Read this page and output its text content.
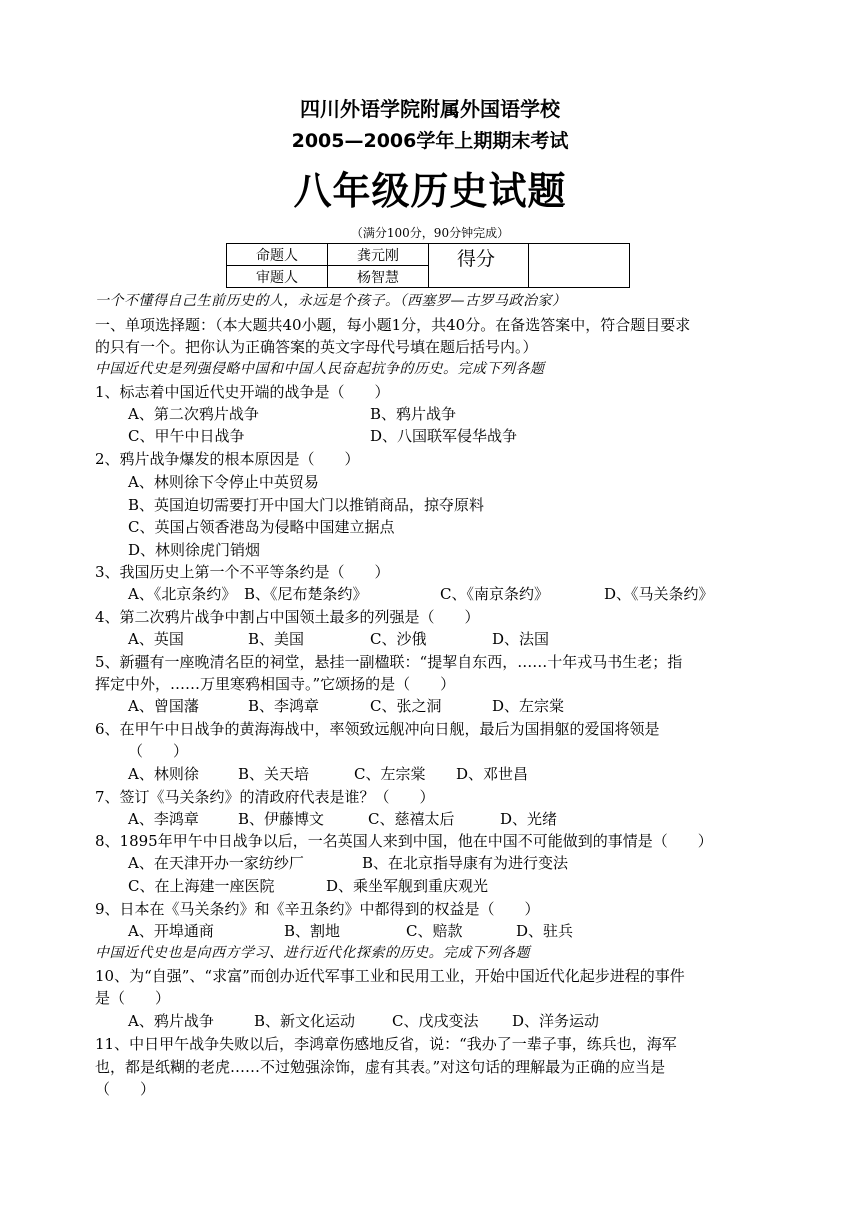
四川外语学院附属外国语学校
2005—2006学年上期期末考试
八年级历史试题
（满分100分，90分钟完成）
命题人	龚元刚	得分	
审题人	杨智慧		
一个不懂得自己生前历史的人，永远是个孩子。（西塞罗—古罗马政治家）
一、单项选择题：（本大题共40小题，每小题1分，共40分。在备选答案中，符合题目要求
的只有一个。把你认为正确答案的英文字母代号填在题后括号内。）
中国近代史是列强侵略中国和中国人民奋起抗争的历史。完成下列各题
1、标志着中国近代史开端的战争是（　　）
A、第二次鸦片战争	B、鸦片战争
C、甲午中日战争	D、八国联军侵华战争
2、鸦片战争爆发的根本原因是（　　）
A、林则徐下令停止中英贸易
B、英国迫切需要打开中国大门以推销商品，掠夺原料
C、英国占领香港岛为侵略中国建立据点
D、林则徐虎门销烟
3、我国历史上第一个不平等条约是（　　）
A、《北京条约》 B、《尼布楚条约》	C、《南京条约》	D、《马关条约》
4、第二次鸦片战争中割占中国领土最多的列强是（　　）
A、英国	B、美国	C、沙俄	D、法国
5、新疆有一座晚清名臣的祠堂，悬挂一副楹联：“提挈自东西，……十年戎马书生老；指
挥定中外，……万里寒鸦相国寺。”它颂扬的是（　　）
A、曾国藩	B、李鸿章	C、张之洞	D、左宗棠
6、在甲午中日战争的黄海海战中，率领致远舰冲向日舰，最后为国捐躯的爱国将领是
（　　）
A、林则徐	B、关天培	C、左宗棠 D、邓世昌
7、签订《马关条约》的清政府代表是谁？（　　）
A、李鸿章	B、伊藤博文	C、慈禧太后	D、光绪
8、1895年甲午中日战争以后，一名英国人来到中国，他在中国不可能做到的事情是（　　）
A、在天津开办一家纺纱厂	B、在北京指导康有为进行变法
C、在上海建一座医院	D、乘坐军舰到重庆观光
9、日本在《马关条约》和《辛丑条约》中都得到的权益是（　　）
A、开埠通商	B、割地	C、赔款	D、驻兵
中国近代史也是向西方学习、进行近代化探索的历史。完成下列各题
10、为“自强”、“求富”而创办近代军事工业和民用工业，开始中国近代化起步进程的事件
是（　　）
A、鸦片战争	B、新文化运动 C、戊戌变法 D、洋务运动
11、中日甲午战争失败以后，李鸿章伤感地反省，说：“我办了一辈子事，练兵也，海军
也，都是纸糊的老虎……不过勉强涂饰，虚有其表。”对这句话的理解最为正确的应当是
（　　）
